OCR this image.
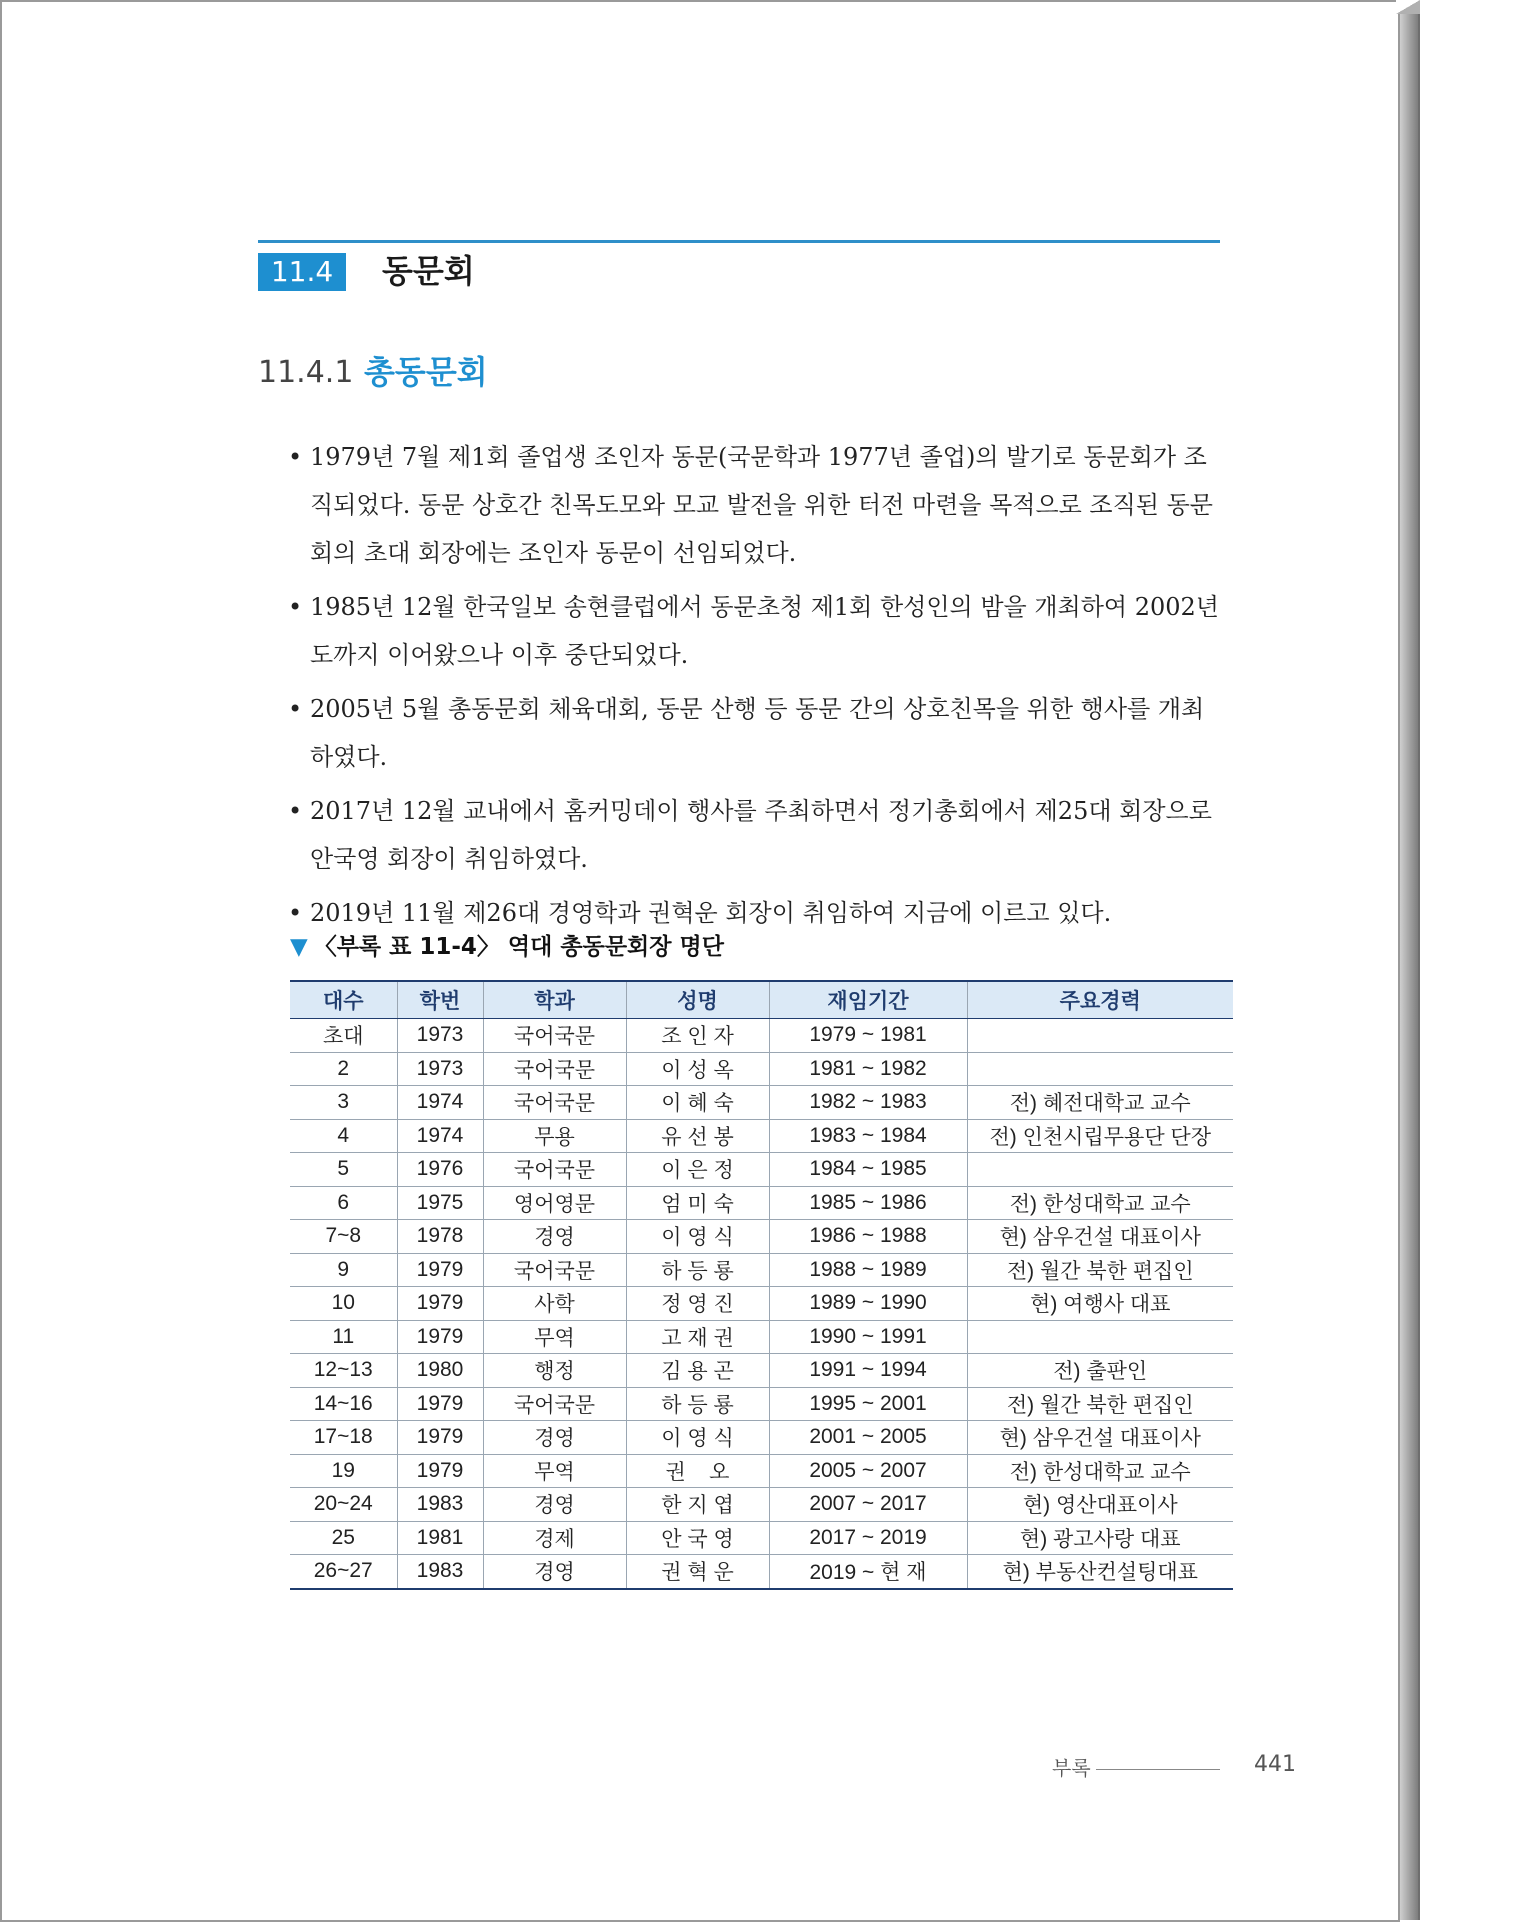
11.4	동문회
11.4.1 총동문회
• 1979년 7월 제1회 졸업생 조인자 동문(국문학과 1977년 졸업)의 발기로 동문회가 조직되었다. 동문 상호간 친목도모와 모교 발전을 위한 터전 마련을 목적으로 조직된 동문회의 초대 회장에는 조인자 동문이 선임되었다.
• 1985년 12월 한국일보 송현클럽에서 동문초청 제1회 한성인의 밤을 개최하여 2002년도까지 이어왔으나 이후 중단되었다.
• 2005년 5월 총동문회 체육대회, 동문 산행 등 동문 간의 상호친목을 위한 행사를 개최하였다.
• 2017년 12월 교내에서 홈커밍데이 행사를 주최하면서 정기총회에서 제25대 회장으로 안국영 회장이 취임하였다.
• 2019년 11월 제26대 경영학과 권혁운 회장이 취임하여 지금에 이르고 있다.
▼ 〈부록 표 11-4〉 역대 총동문회장 명단
대수	학번	학과	성명	재임기간	주요경력
초대	1973	국어국문	조 인 자	1979 ~ 1981	
2	1973	국어국문	이 성 옥	1981 ~ 1982	
3	1974	국어국문	이 혜 숙	1982 ~ 1983	전) 혜전대학교 교수
4	1974	무용	유 선 봉	1983 ~ 1984	전) 인천시립무용단 단장
5	1976	국어국문	이 은 정	1984 ~ 1985	
6	1975	영어영문	엄 미 숙	1985 ~ 1986	전) 한성대학교 교수
7~8	1978	경영	이 영 식	1986 ~ 1988	현) 삼우건설 대표이사
9	1979	국어국문	하 등 룡	1988 ~ 1989	전) 월간 북한 편집인
10	1979	사학	정 영 진	1989 ~ 1990	현) 여행사 대표
11	1979	무역	고 재 권	1990 ~ 1991	
12~13	1980	행정	김 용 곤	1991 ~ 1994	전) 출판인
14~16	1979	국어국문	하 등 룡	1995 ~ 2001	전) 월간 북한 편집인
17~18	1979	경영	이 영 식	2001 ~ 2005	현) 삼우건설 대표이사
19	1979	무역	권    오	2005 ~ 2007	전) 한성대학교 교수
20~24	1983	경영	한 지 엽	2007 ~ 2017	현) 영산대표이사
25	1981	경제	안 국 영	2017 ~ 2019	현) 광고사랑 대표
26~27	1983	경영	권 혁 운	2019 ~ 현 재	현) 부동산컨설팅대표
부록	441
